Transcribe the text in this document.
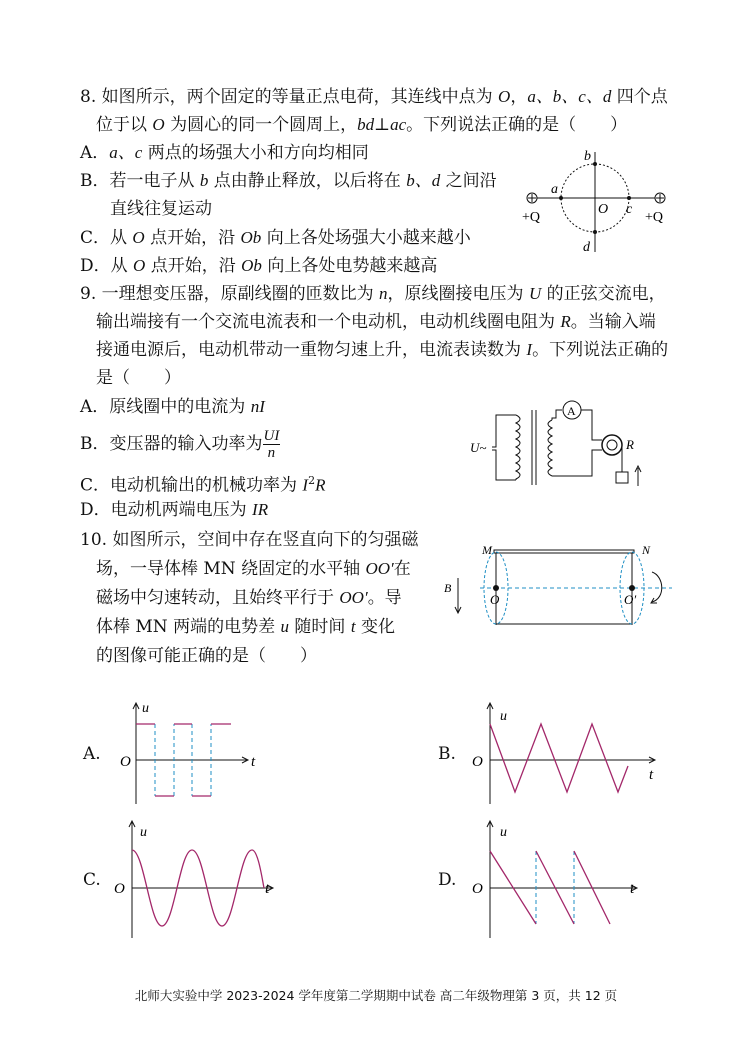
8. 如图所示，两个固定的等量正点电荷，其连线中点为 O，a、b、c、d 四个点
位于以 O 为圆心的同一个圆周上，bd⊥ac。下列说法正确的是（　　）
A．a、c 两点的场强大小和方向均相同
B．若一电子从 b 点由静止释放，以后将在 b、d 之间沿
直线往复运动
C．从 O 点开始，沿 Ob 向上各处场强大小越来越小
D．从 O 点开始，沿 Ob 向上各处电势越来越高
b
a
O c
d
+Q	+Q
9. 一理想变压器，原副线圈的匝数比为 n，原线圈接电压为 U 的正弦交流电，
输出端接有一个交流电流表和一个电动机，电动机线圈电阻为 R。当输入端
接通电源后，电动机带动一重物匀速上升，电流表读数为 I。下列说法正确的
是（　　）
A．原线圈中的电流为 nI
B．变压器的输入功率为 $\frac{UI}{n}$
C．电动机输出的机械功率为 $I^2R$
D．电动机两端电压为 IR
U~
A
R
10. 如图所示，空间中存在竖直向下的匀强磁
场，一导体棒 MN 绕固定的水平轴 OO′在
磁场中匀速转动，且始终平行于 OO′。导
体棒 MN 两端的电势差 u 随时间 t 变化
的图像可能正确的是（　　）
M	N
O	O′
B
A.
u
t
O	B.
u
t
O
C.
u
t
O	D.
u
t
O
北师大实验中学 2023-2024 学年度第二学期期中试卷 高二年级物理第 3 页，共 12 页
